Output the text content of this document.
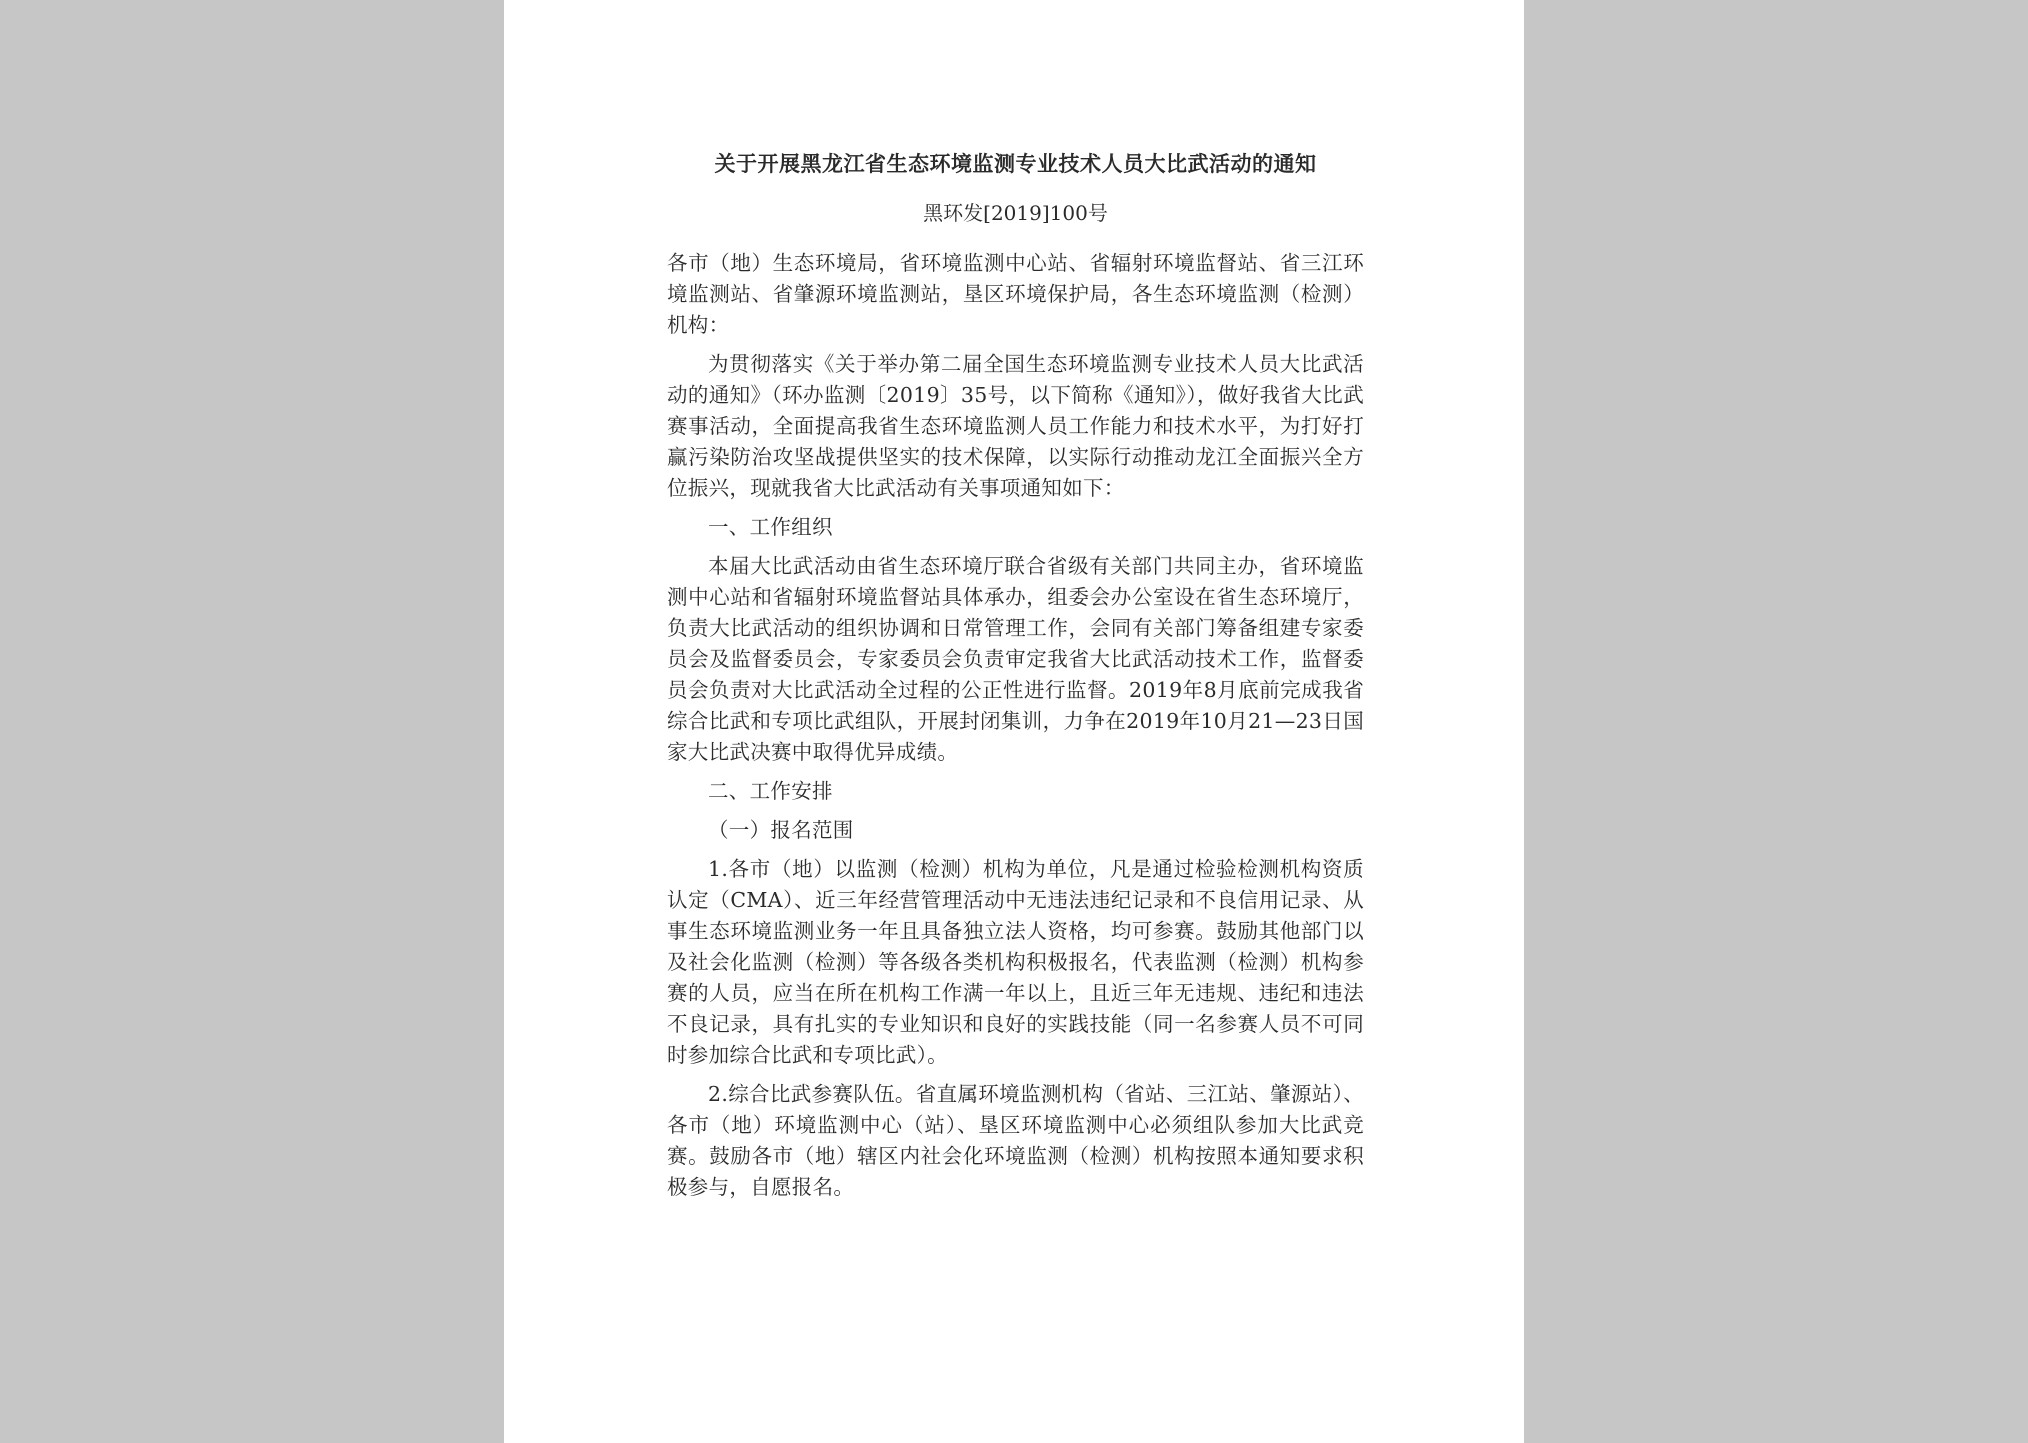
关于开展黑龙江省生态环境监测专业技术人员大比武活动的通知
黑环发[2019]100号

各市（地）生态环境局，省环境监测中心站、省辐射环境监督站、省三江环境监测站、省肇源环境监测站，垦区环境保护局，各生态环境监测（检测）机构：

为贯彻落实《关于举办第二届全国生态环境监测专业技术人员大比武活动的通知》（环办监测〔2019〕35号，以下简称《通知》），做好我省大比武赛事活动，全面提高我省生态环境监测人员工作能力和技术水平，为打好打赢污染防治攻坚战提供坚实的技术保障，以实际行动推动龙江全面振兴全方位振兴，现就我省大比武活动有关事项通知如下：

一、工作组织

本届大比武活动由省生态环境厅联合省级有关部门共同主办，省环境监测中心站和省辐射环境监督站具体承办，组委会办公室设在省生态环境厅，负责大比武活动的组织协调和日常管理工作，会同有关部门筹备组建专家委员会及监督委员会，专家委员会负责审定我省大比武活动技术工作，监督委员会负责对大比武活动全过程的公正性进行监督。2019年8月底前完成我省综合比武和专项比武组队，开展封闭集训，力争在2019年10月21—23日国家大比武决赛中取得优异成绩。

二、工作安排
（一）报名范围

1.各市（地）以监测（检测）机构为单位，凡是通过检验检测机构资质认定（CMA）、近三年经营管理活动中无违法违纪记录和不良信用记录、从事生态环境监测业务一年且具备独立法人资格，均可参赛。鼓励其他部门以及社会化监测（检测）等各级各类机构积极报名，代表监测（检测）机构参赛的人员，应当在所在机构工作满一年以上，且近三年无违规、违纪和违法不良记录，具有扎实的专业知识和良好的实践技能（同一名参赛人员不可同时参加综合比武和专项比武）。

2.综合比武参赛队伍。省直属环境监测机构（省站、三江站、肇源站）、各市（地）环境监测中心（站）、垦区环境监测中心必须组队参加大比武竞赛。鼓励各市（地）辖区内社会化环境监测（检测）机构按照本通知要求积极参与，自愿报名。
